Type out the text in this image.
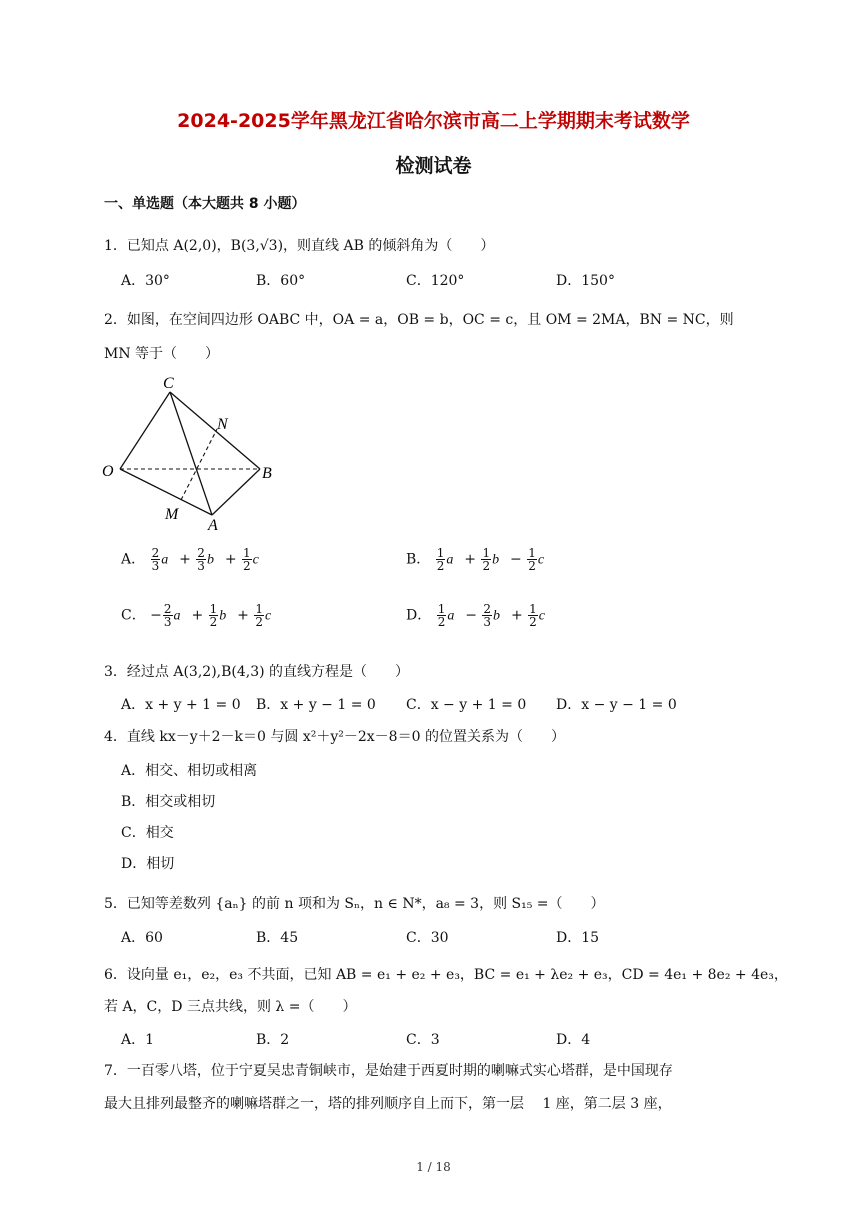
2024-2025学年黑龙江省哈尔滨市高二上学期期末考试数学
检测试卷
一、单选题（本大题共 8 小题）
1．已知点 A(2,0)，B(3,√3)，则直线 AB 的倾斜角为（　　）
A．30°	B．60°	C．120°	D．150°
2．如图，在空间四边形 OABC 中，OA = a，OB = b，OC = c，且 OM = 2MA，BN = NC，则
MN 等于（　　）
C
N
O	B
M
A
A． $\frac{2}{3}$ a⃗+ $\frac{2}{3}$ b⃗+ $\frac{1}{2}$ c⃗	B． $\frac{1}{2}$ a⃗+ $\frac{1}{2}$ b⃗− $\frac{1}{2}$ c⃗
C． − $\frac{2}{3}$ a⃗+ $\frac{1}{2}$ b⃗+ $\frac{1}{2}$ c⃗	D． $\frac{1}{2}$ a⃗− $\frac{2}{3}$ b⃗+ $\frac{1}{2}$ c⃗
3．经过点 A(3,2),B(4,3) 的直线方程是（　　）
A．x + y + 1 = 0 B．x + y − 1 = 0 C．x − y + 1 = 0 D．x − y − 1 = 0
4．直线 kx－y＋2－k＝0 与圆 x²＋y²－2x－8＝0 的位置关系为（　　）
A．相交、相切或相离
B．相交或相切
C．相交
D．相切
5．已知等差数列 {aₙ} 的前 n 项和为 Sₙ，n ∈ N*，a₈ = 3，则 S₁₅ =（　　）
A．60	B．45	C．30	D．15
6．设向量 e₁，e₂，e₃ 不共面，已知 AB = e₁ + e₂ + e₃，BC = e₁ + λe₂ + e₃，CD = 4e₁ + 8e₂ + 4e₃，
若 A，C，D 三点共线，则 λ =（　　）
A．1	B．2	C．3	D．4
7．一百零八塔，位于宁夏吴忠青铜峡市，是始建于西夏时期的喇嘛式实心塔群，是中国现存
最大且排列最整齐的喇嘛塔群之一，塔的排列顺序自上而下，第一层　 1 座，第二层 3 座，
1 / 18
